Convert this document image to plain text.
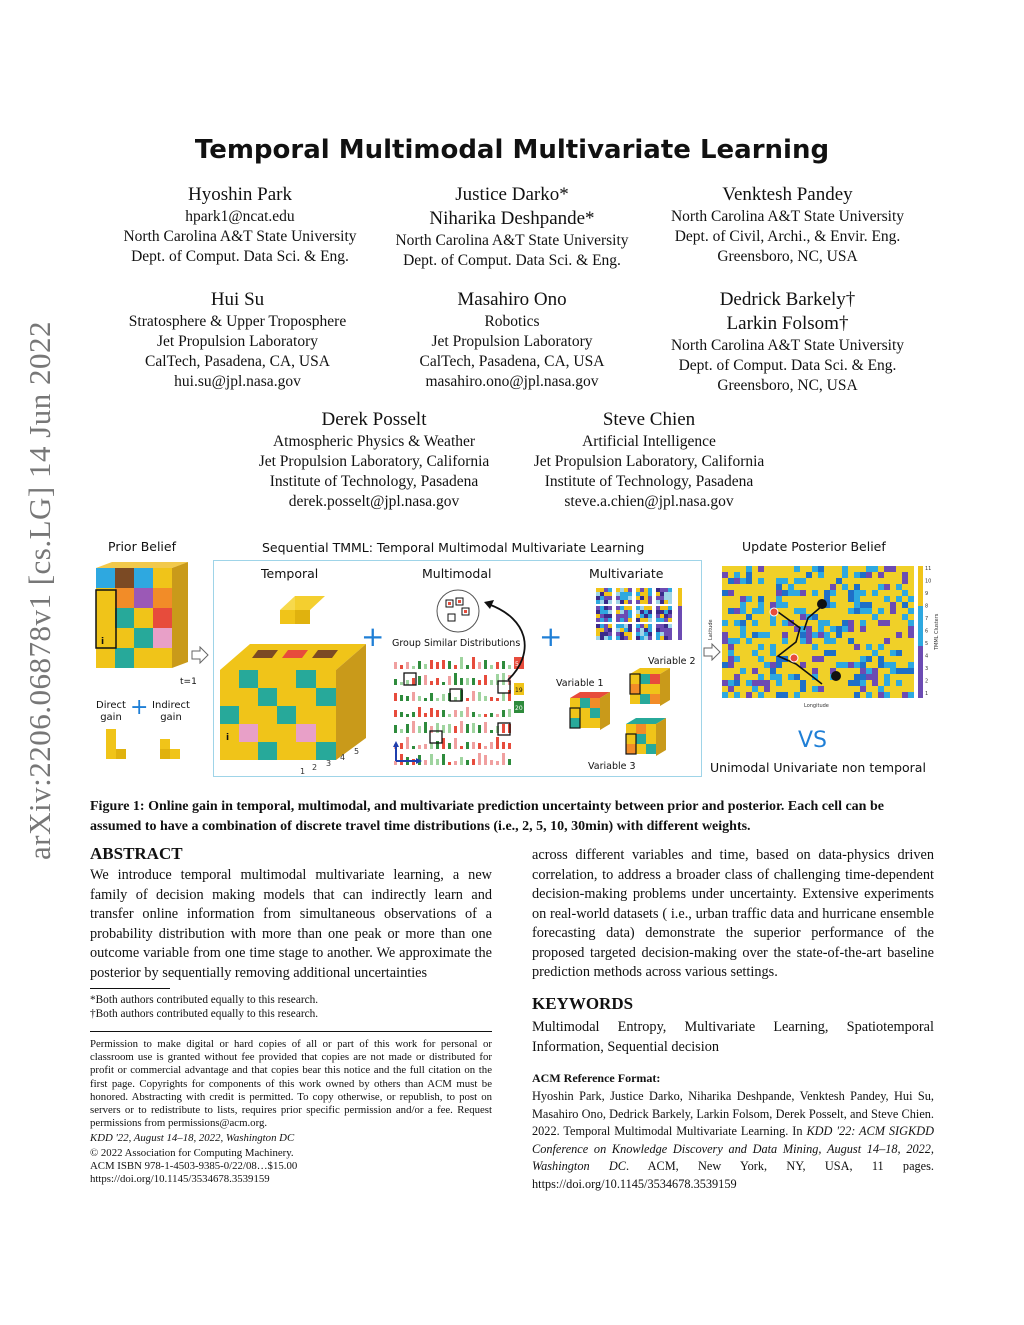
arXiv:2206.06878v1 [cs.LG] 14 Jun 2022
Temporal Multimodal Multivariate Learning
Hyoshin Park
hpark1@ncat.edu
North Carolina A&T State University
Dept. of Comput. Data Sci. & Eng.
Justice Darko*
Niharika Deshpande*
North Carolina A&T State University
Dept. of Comput. Data Sci. & Eng.
Venktesh Pandey
North Carolina A&T State University
Dept. of Civil, Archi., & Envir. Eng.
Greensboro, NC, USA
Hui Su
Stratosphere & Upper Troposphere
Jet Propulsion Laboratory
CalTech, Pasadena, CA, USA
hui.su@jpl.nasa.gov
Masahiro Ono
Robotics
Jet Propulsion Laboratory
CalTech, Pasadena, CA, USA
masahiro.ono@jpl.nasa.gov
Dedrick Barkely†
Larkin Folsom†
North Carolina A&T State University
Dept. of Comput. Data Sci. & Eng.
Greensboro, NC, USA
Derek Posselt
Atmospheric Physics & Weather
Jet Propulsion Laboratory, California
Institute of Technology, Pasadena
derek.posselt@jpl.nasa.gov
Steve Chien
Artificial Intelligence
Jet Propulsion Laboratory, California
Institute of Technology, Pasadena
steve.a.chien@jpl.nasa.gov
Prior Belief	Sequential TMML: Temporal Multimodal Multivariate Learning	Update Posterior Belief
i
t=1
Direct gain + Indirect gain
Temporal	Multimodal	Multivariate
i
1 2 3
4
5
+	+
Group Similar Distributions
19
5
20
Variable 1
Variable 2
Variable 3
11
10
9
8
7
6
5
4
3
2
1
Longitude
Latitude	TMML Clusters
VS
Unimodal Univariate non temporal
Figure 1: Online gain in temporal, multimodal, and multivariate prediction uncertainty between prior and posterior. Each cell can be assumed to have a combination of discrete travel time distributions (i.e., 2, 5, 10, 30min) with different weights.
ABSTRACT
We introduce temporal multimodal multivariate learning, a new family of decision making models that can indirectly learn and transfer online information from simultaneous observations of a probability distribution with more than one peak or more than one outcome variable from one time stage to another. We approximate the posterior by sequentially removing additional uncertainties
*Both authors contributed equally to this research.
†Both authors contributed equally to this research.
Permission to make digital or hard copies of all or part of this work for personal or classroom use is granted without fee provided that copies are not made or distributed for profit or commercial advantage and that copies bear this notice and the full citation on the first page. Copyrights for components of this work owned by others than ACM must be honored. Abstracting with credit is permitted. To copy otherwise, or republish, to post on servers or to redistribute to lists, requires prior specific permission and/or a fee. Request permissions from permissions@acm.org.
KDD '22, August 14–18, 2022, Washington DC
© 2022 Association for Computing Machinery.
ACM ISBN 978-1-4503-9385-0/22/08…$15.00
https://doi.org/10.1145/3534678.3539159
across different variables and time, based on data-physics driven correlation, to address a broader class of challenging time-dependent decision-making problems under uncertainty. Extensive experiments on real-world datasets ( i.e., urban traffic data and hurricane ensemble forecasting data) demonstrate the superior performance of the proposed targeted decision-making over the state-of-the-art baseline prediction methods across various settings.
KEYWORDS
Multimodal Entropy, Multivariate Learning, Spatiotemporal Information, Sequential decision
ACM Reference Format:
Hyoshin Park, Justice Darko, Niharika Deshpande, Venktesh Pandey, Hui Su, Masahiro Ono, Dedrick Barkely, Larkin Folsom, Derek Posselt, and Steve Chien. 2022. Temporal Multimodal Multivariate Learning. In KDD '22: ACM SIGKDD Conference on Knowledge Discovery and Data Mining, August 14–18, 2022, Washington DC. ACM, New York, NY, USA, 11 pages. https://doi.org/10.1145/3534678.3539159
